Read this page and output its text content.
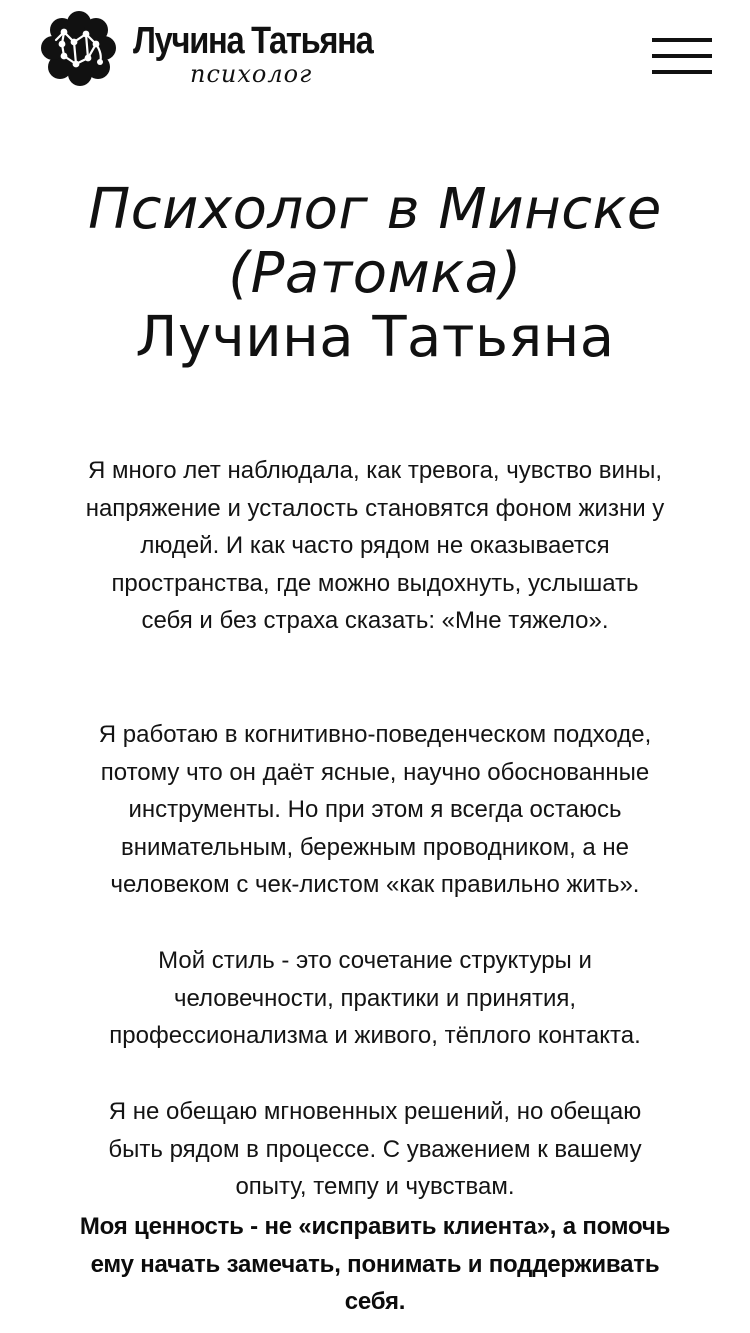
Лучина Татьяна
психолог
Психолог в Минске
(Ратомка)
Лучина Татьяна

Я много лет наблюдала, как тревога, чувство вины,
напряжение и усталость становятся фоном жизни у
людей. И как часто рядом не оказывается
пространства, где можно выдохнуть, услышать
себя и без страха сказать: «Мне тяжело».

Я работаю в когнитивно-поведенческом подходе,
потому что он даёт ясные, научно обоснованные
инструменты. Но при этом я всегда остаюсь
внимательным, бережным проводником, а не
человеком с чек-листом «как правильно жить».

Мой стиль - это сочетание структуры и
человечности, практики и принятия,
профессионализма и живого, тёплого контакта.

Я не обещаю мгновенных решений, но обещаю
быть рядом в процессе. С уважением к вашему
опыту, темпу и чувствам.

Моя ценность - не «исправить клиента», а помочь
ему начать замечать, понимать и поддерживать
себя.
